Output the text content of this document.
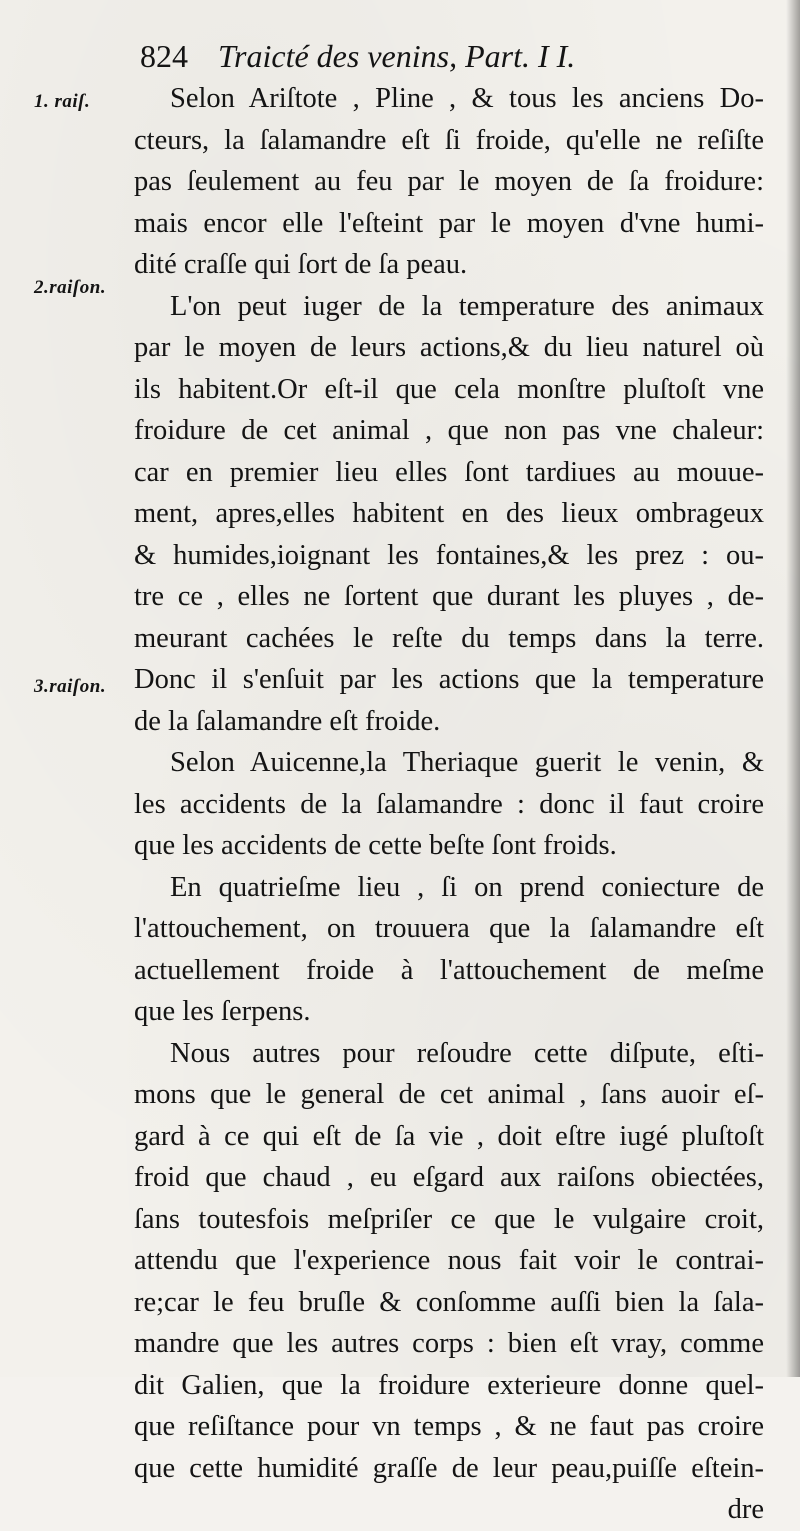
824 Traicté des venins, Part. I I.
1. raiſ.
2.raiſon.
3.raiſon.
Selon Ariſtote , Pline , & tous les anciens Do-
cteurs, la ſalamandre eſt ſi froide, qu'elle ne reſiſte
pas ſeulement au feu par le moyen de ſa froidure:
mais encor elle l'eſteint par le moyen d'vne humi-
dité craſſe qui ſort de ſa peau.
L'on peut iuger de la temperature des animaux
par le moyen de leurs actions,& du lieu naturel où
ils habitent.Or eſt-il que cela monſtre pluſtoſt vne
froidure de cet animal , que non pas vne chaleur:
car en premier lieu elles ſont tardiues au mouue-
ment, apres,elles habitent en des lieux ombrageux
& humides,ioignant les fontaines,& les prez : ou-
tre ce , elles ne ſortent que durant les pluyes , de-
meurant cachées le reſte du temps dans la terre.
Donc il s'enſuit par les actions que la temperature
de la ſalamandre eſt froide.
Selon Auicenne,la Theriaque guerit le venin, &
les accidents de la ſalamandre : donc il faut croire
que les accidents de cette beſte ſont froids.
En quatrieſme lieu , ſi on prend coniecture de
l'attouchement, on trouuera que la ſalamandre eſt
actuellement froide à l'attouchement de meſme
que les ſerpens.
Nous autres pour reſoudre cette diſpute, eſti-
mons que le general de cet animal , ſans auoir eſ-
gard à ce qui eſt de ſa vie , doit eſtre iugé pluſtoſt
froid que chaud , eu eſgard aux raiſons obiectées,
ſans toutesfois meſpriſer ce que le vulgaire croit,
attendu que l'experience nous fait voir le contrai-
re;car le feu bruſle & conſomme auſſi bien la ſala-
mandre que les autres corps : bien eſt vray, comme
dit Galien, que la froidure exterieure donne quel-
que reſiſtance pour vn temps , & ne faut pas croire
que cette humidité graſſe de leur peau,puiſſe eſtein-
dre
